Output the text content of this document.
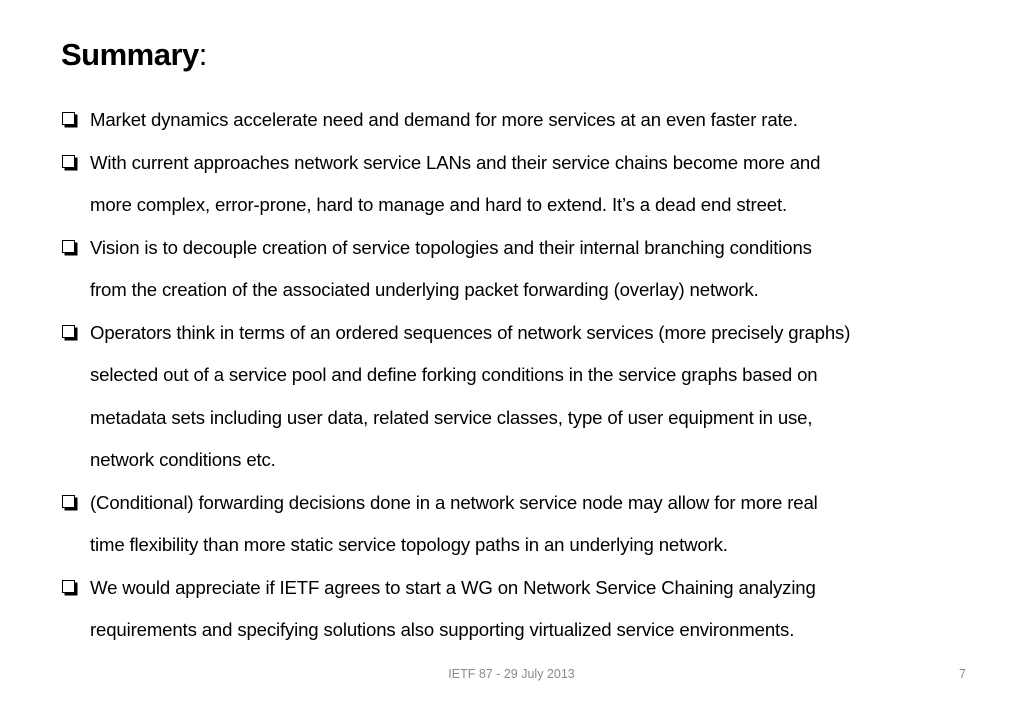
Summary:
Market dynamics accelerate need and demand for more services at an even faster rate.
With current approaches network service LANs and their service chains become more and
more complex, error-prone, hard to manage and hard to extend. It’s a dead end street.
Vision is to decouple creation of service topologies and their internal branching conditions
from the creation of the associated underlying packet forwarding (overlay) network.
Operators think in terms of an ordered sequences of network services (more precisely graphs)
selected out of a service pool and define forking conditions in the service graphs based on
metadata sets including user data, related service classes, type of user equipment in use,
network conditions etc.
(Conditional) forwarding decisions done in a network service node may allow for more real
time flexibility than more static service topology paths in an underlying network.
We would appreciate if IETF agrees to start a WG on Network Service Chaining analyzing
requirements and specifying solutions also supporting virtualized service environments.
IETF 87 - 29 July 2013	7
